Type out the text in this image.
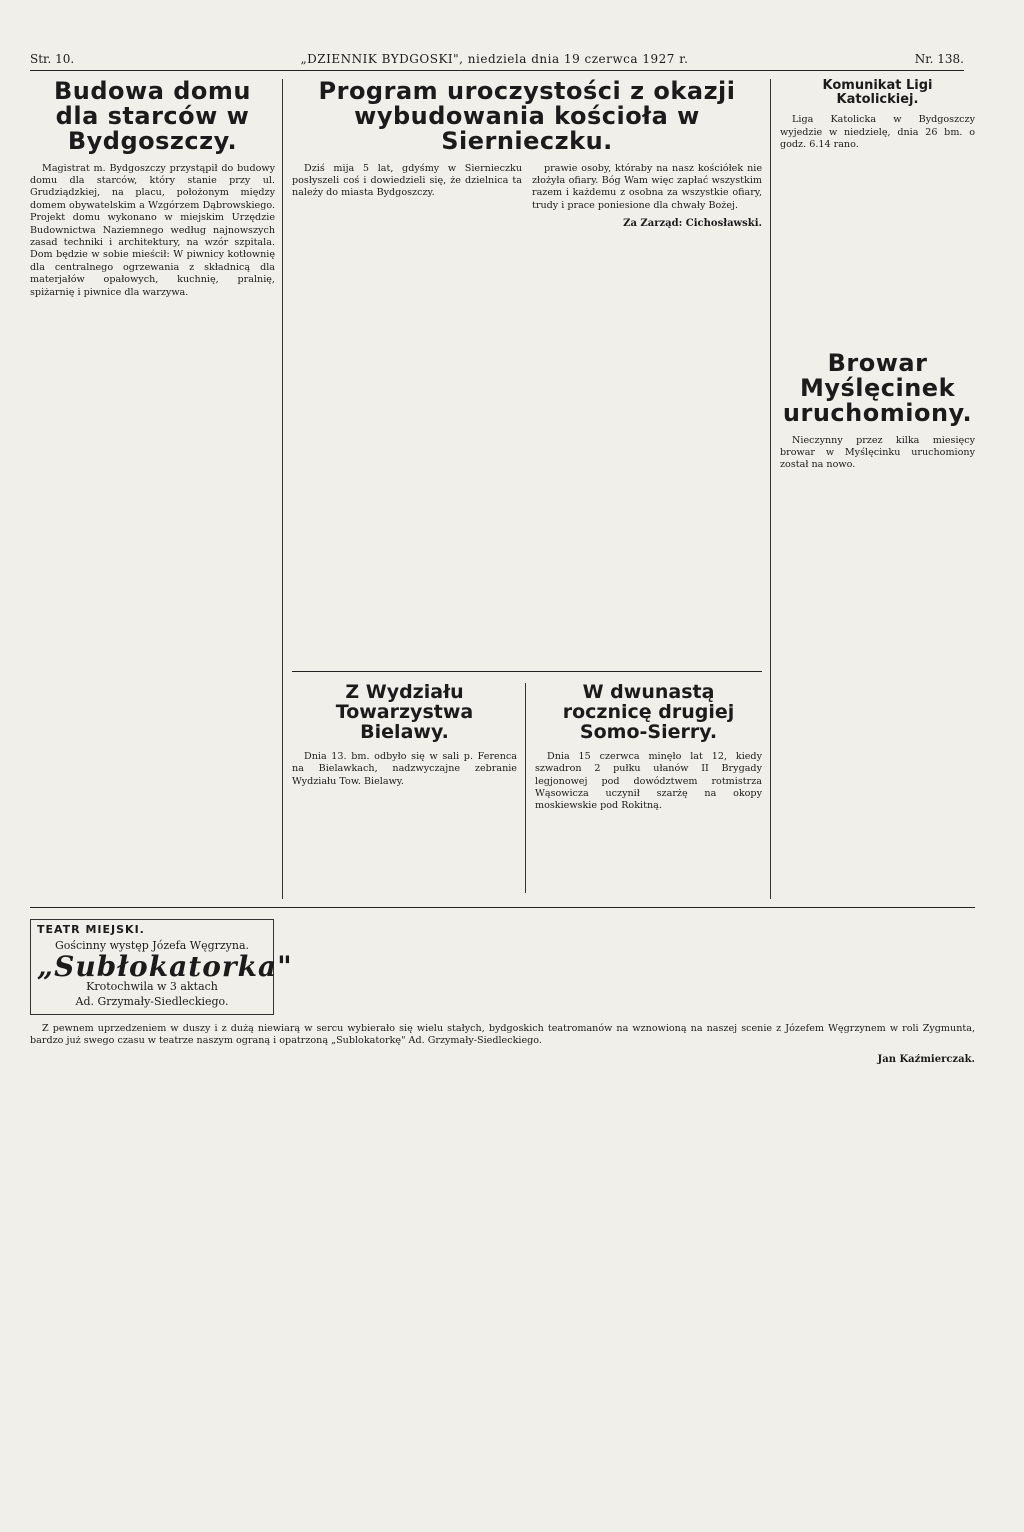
Str. 10.	„DZIENNIK BYDGOSKI", niedziela dnia 19 czerwca 1927 r.	Nr. 138.
Budowa domu dla starców w Bydgoszczy.

Magistrat m. Bydgoszczy przystąpił do budowy domu dla starców, który stanie przy ul. Grudziądzkiej, na placu, położonym między domem obywatelskim a Wzgórzem Dąbrowskiego. Projekt domu wykonano w miejskim Urzędzie Budownictwa Naziemnego według najnowszych zasad techniki i architektury, na wzór szpitala. Dom będzie w sobie mieścił: W piwnicy kotłownię dla centralnego ogrzewania z składnicą dla materjałów opałowych, kuchnię, pralnię, spiżarnię i piwnice dla warzywa.

Program uroczystości z okazji wybudowania kościoła w Siernieczku.

Dziś mija 5 lat, gdyśmy w Siernieczku posłyszeli coś i dowiedzieli się, że dzielnica ta należy do miasta Bydgoszczy.

prawie osoby, któraby na nasz kościółek nie złożyła ofiary. Bóg Wam więc zapłać wszystkim razem i każdemu z osobna za wszystkie ofiary, trudy i prace poniesione dla chwały Bożej.

Za Zarząd: Cichosławski.
Z Wydziału Towarzystwa Bielawy.

Dnia 13. bm. odbyło się w sali p. Ferenca na Bielawkach, nadzwyczajne zebranie Wydziału Tow. Bielawy.

W dwunastą rocznicę drugiej Somo-Sierry.

Dnia 15 czerwca minęło lat 12, kiedy szwadron 2 pułku ułanów II Brygady legjonowej pod dowództwem rotmistrza Wąsowicza uczynił szarżę na okopy moskiewskie pod Rokitną.

Komunikat Ligi Katolickiej.

Liga Katolicka w Bydgoszczy wyjedzie w niedzielę, dnia 26 bm. o godz. 6.14 rano.

Browar Myślęcinek uruchomiony.

Nieczynny przez kilka miesięcy browar w Myślęcinku uruchomiony został na nowo.

TEATR MIEJSKI.
Gościnny występ Józefa Węgrzyna.
„Subłokatorka"
Krotochwila w 3 aktach
Ad. Grzymały-Siedleckiego.

Z pewnem uprzedzeniem w duszy i z dużą niewiarą w sercu wybierało się wielu stałych, bydgoskich teatromanów na wznowioną na naszej scenie z Józefem Węgrzynem w roli Zygmunta, bardzo już swego czasu w teatrze naszym ograną i opatrzoną „Sublokatorkę" Ad. Grzymały-Siedleckiego.

Jan Kaźmierczak.
